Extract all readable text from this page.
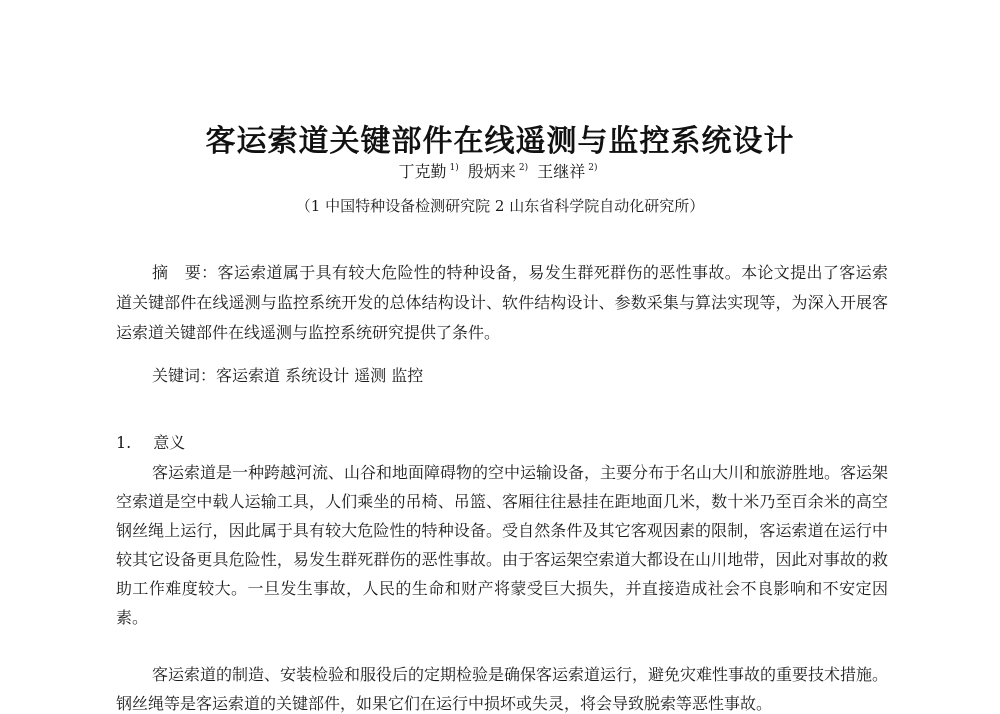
客运索道关键部件在线遥测与监控系统设计
丁克勤 $^{1)}$ 殷炳来 $^{2)}$ 王继祥 $^{2)}$
（1 中国特种设备检测研究院 2 山东省科学院自动化研究所）

摘　要：客运索道属于具有较大危险性的特种设备，易发生群死群伤的恶性事故。本论文提出了客运索道关键部件在线遥测与监控系统开发的总体结构设计、软件结构设计、参数采集与算法实现等，为深入开展客运索道关键部件在线遥测与监控系统研究提供了条件。

关键词：客运索道 系统设计 遥测 监控

1. 意义

客运索道是一种跨越河流、山谷和地面障碍物的空中运输设备，主要分布于名山大川和旅游胜地。客运架空索道是空中载人运输工具，人们乘坐的吊椅、吊篮、客厢往往悬挂在距地面几米，数十米乃至百余米的高空钢丝绳上运行，因此属于具有较大危险性的特种设备。受自然条件及其它客观因素的限制，客运索道在运行中较其它设备更具危险性，易发生群死群伤的恶性事故。由于客运架空索道大都设在山川地带，因此对事故的救助工作难度较大。一旦发生事故，人民的生命和财产将蒙受巨大损失，并直接造成社会不良影响和不安定因素。

客运索道的制造、安装检验和服役后的定期检验是确保客运索道运行，避免灾难性事故的重要技术措施。钢丝绳等是客运索道的关键部件，如果它们在运行中损坏或失灵，将会导致脱索等恶性事故。
